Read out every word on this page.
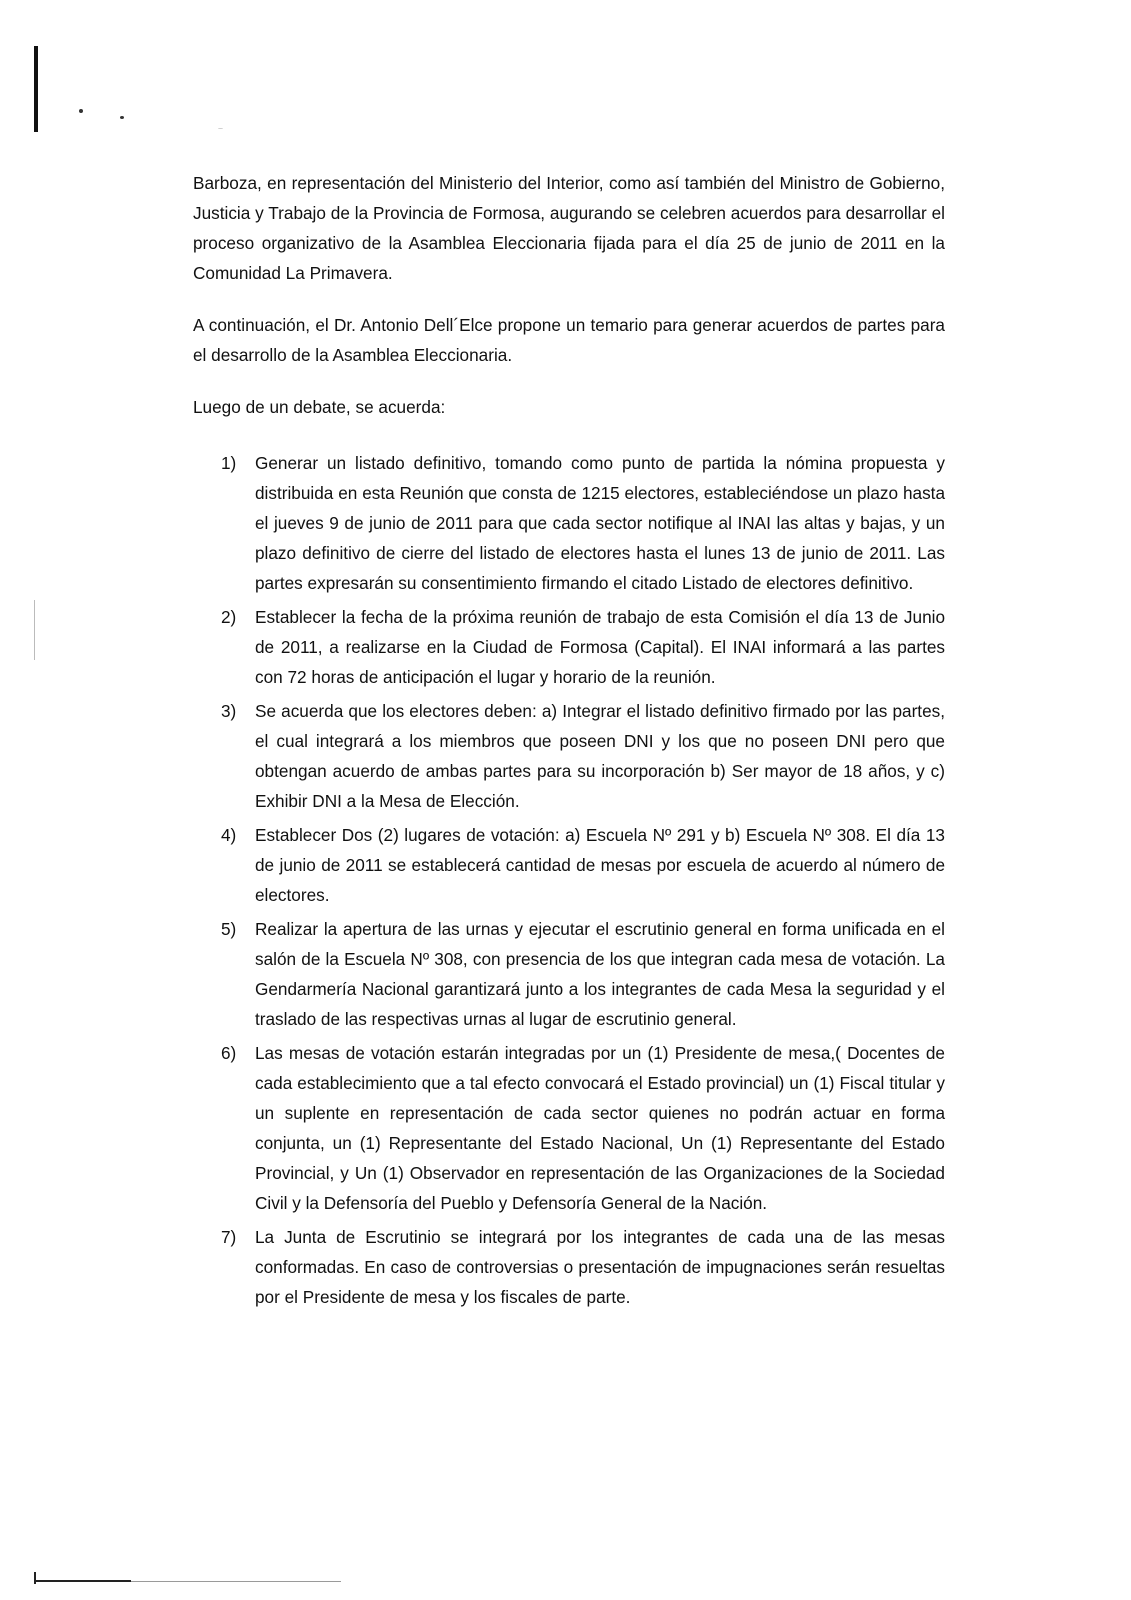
Barboza, en representación del Ministerio del Interior, como así también del Ministro de Gobierno, Justicia y Trabajo de la Provincia de Formosa, augurando se celebren acuerdos para desarrollar el proceso organizativo de la Asamblea Eleccionaria fijada para el día 25 de junio de 2011 en la Comunidad La Primavera.

A continuación, el Dr. Antonio Dell´Elce propone un temario para generar acuerdos de partes para el desarrollo de la Asamblea Eleccionaria.

Luego de un debate, se acuerda:

1)	Generar un listado definitivo, tomando como punto de partida la nómina propuesta y distribuida en esta Reunión que consta de 1215 electores, estableciéndose un plazo hasta el jueves 9 de junio de 2011 para que cada sector notifique al INAI las altas y bajas, y un plazo definitivo de cierre del listado de electores hasta el lunes 13 de junio de 2011. Las partes expresarán su consentimiento firmando el citado Listado de electores definitivo.
2)	Establecer la fecha de la próxima reunión de trabajo de esta Comisión el día 13 de Junio de 2011, a realizarse en la Ciudad de Formosa (Capital). El INAI informará a las partes con 72 horas de anticipación el lugar y horario de la reunión.
3)	Se acuerda que los electores deben: a) Integrar el listado definitivo firmado por las partes, el cual integrará a los miembros que poseen DNI y los que no poseen DNI pero que obtengan acuerdo de ambas partes para su incorporación b) Ser mayor de 18 años, y c) Exhibir DNI a la Mesa de Elección.
4)	Establecer Dos (2) lugares de votación: a) Escuela Nº 291 y b) Escuela Nº 308. El día 13 de junio de 2011 se establecerá cantidad de mesas por escuela de acuerdo al número de electores.
5)	Realizar la apertura de las urnas y ejecutar el escrutinio general en forma unificada en el salón de la Escuela Nº 308, con presencia de los que integran cada mesa de votación. La Gendarmería Nacional garantizará junto a los integrantes de cada Mesa la seguridad y el traslado de las respectivas urnas al lugar de escrutinio general.
6)	Las mesas de votación estarán integradas por un (1) Presidente de mesa,( Docentes de cada establecimiento que a tal efecto convocará el Estado provincial) un (1) Fiscal titular y un suplente en representación de cada sector quienes no podrán actuar en forma conjunta, un (1) Representante del Estado Nacional, Un (1) Representante del Estado Provincial, y Un (1) Observador en representación de las Organizaciones de la Sociedad Civil y la Defensoría del Pueblo y Defensoría General de la Nación.
7)	La Junta de Escrutinio se integrará por los integrantes de cada una de las mesas conformadas. En caso de controversias o presentación de impugnaciones serán resueltas por el Presidente de mesa y los fiscales de parte.
